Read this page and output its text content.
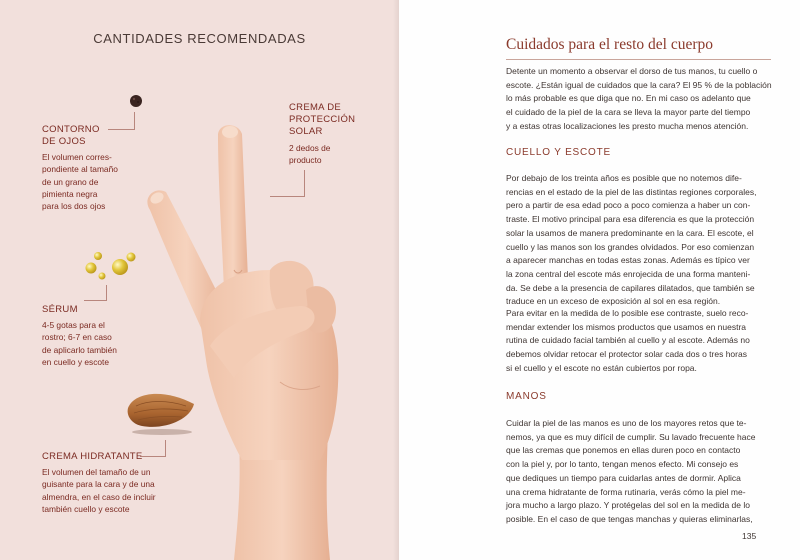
CANTIDADES RECOMENDADAS
CONTORNO
DE OJOS
El volumen corres-
pondiente al tamaño
de un grano de
pimienta negra
para los dos ojos
CREMA DE
PROTECCIÓN
SOLAR
2 dedos de
producto
SÉRUM
4-5 gotas para el
rostro; 6-7 en caso
de aplicarlo también
en cuello y escote
CREMA HIDRATANTE
El volumen del tamaño de un
guisante para la cara y de una
almendra, en el caso de incluir
también cuello y escote
Cuidados para el resto del cuerpo
Detente un momento a observar el dorso de tus manos, tu cuello o
escote. ¿Están igual de cuidados que la cara? El 95 % de la población
lo más probable es que diga que no. En mi caso os adelanto que
el cuidado de la piel de la cara se lleva la mayor parte del tiempo
y a estas otras localizaciones les presto mucha menos atención.
CUELLO Y ESCOTE
Por debajo de los treinta años es posible que no notemos dife-
rencias en el estado de la piel de las distintas regiones corporales,
pero a partir de esa edad poco a poco comienza a haber un con-
traste. El motivo principal para esa diferencia es que la protección
solar la usamos de manera predominante en la cara. El escote, el
cuello y las manos son los grandes olvidados. Por eso comienzan
a aparecer manchas en todas estas zonas. Además es típico ver
la zona central del escote más enrojecida de una forma manteni-
da. Se debe a la presencia de capilares dilatados, que también se
traduce en un exceso de exposición al sol en esa región.
Para evitar en la medida de lo posible ese contraste, suelo reco-
mendar extender los mismos productos que usamos en nuestra
rutina de cuidado facial también al cuello y al escote. Además no
debemos olvidar retocar el protector solar cada dos o tres horas
si el cuello y el escote no están cubiertos por ropa.
MANOS
Cuidar la piel de las manos es uno de los mayores retos que te-
nemos, ya que es muy difícil de cumplir. Su lavado frecuente hace
que las cremas que ponemos en ellas duren poco en contacto
con la piel y, por lo tanto, tengan menos efecto. Mi consejo es
que dediques un tiempo para cuidarlas antes de dormir. Aplica
una crema hidratante de forma rutinaria, verás cómo la piel me-
jora mucho a largo plazo. Y protégelas del sol en la medida de lo
posible. En el caso de que tengas manchas y quieras eliminarlas,
135
